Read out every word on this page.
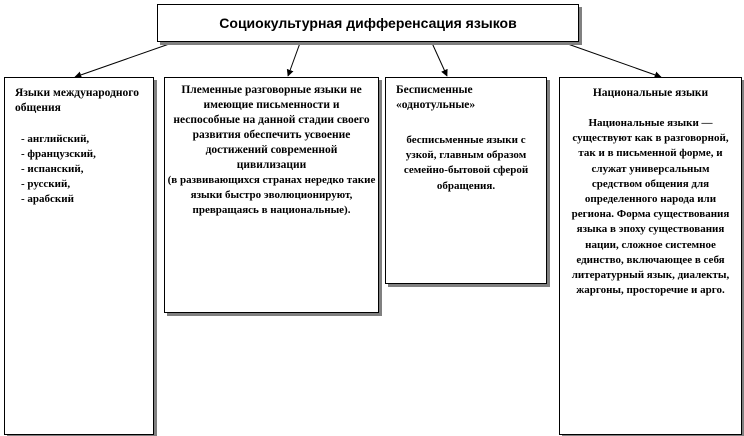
Социокультурная дифференсация языков
Языки международного общения
- английский,
- французский,
- испанский,
- русский,
- арабский
Племенные разговорные языки не имеющие письменности и неспособные на данной стадии своего развития обеспечить усвоение достижений современной цивилизации
(в развивающихся странах нередко такие языки быстро эволюционируют, превращаясь в национальные).
Бесписменные «однотульные»
бесписьменные языки с узкой, главным образом семейно-бытовой сферой обращения.
Национальные языки
Национальные языки — существуют как в разговорной, так и в письменной форме, и служат универсальным средством общения для определенного народа или региона. Форма существования языка в эпоху существования нации, сложное системное единство, включающее в себя литературный язык, диалекты, жаргоны, просторечие и арго.
